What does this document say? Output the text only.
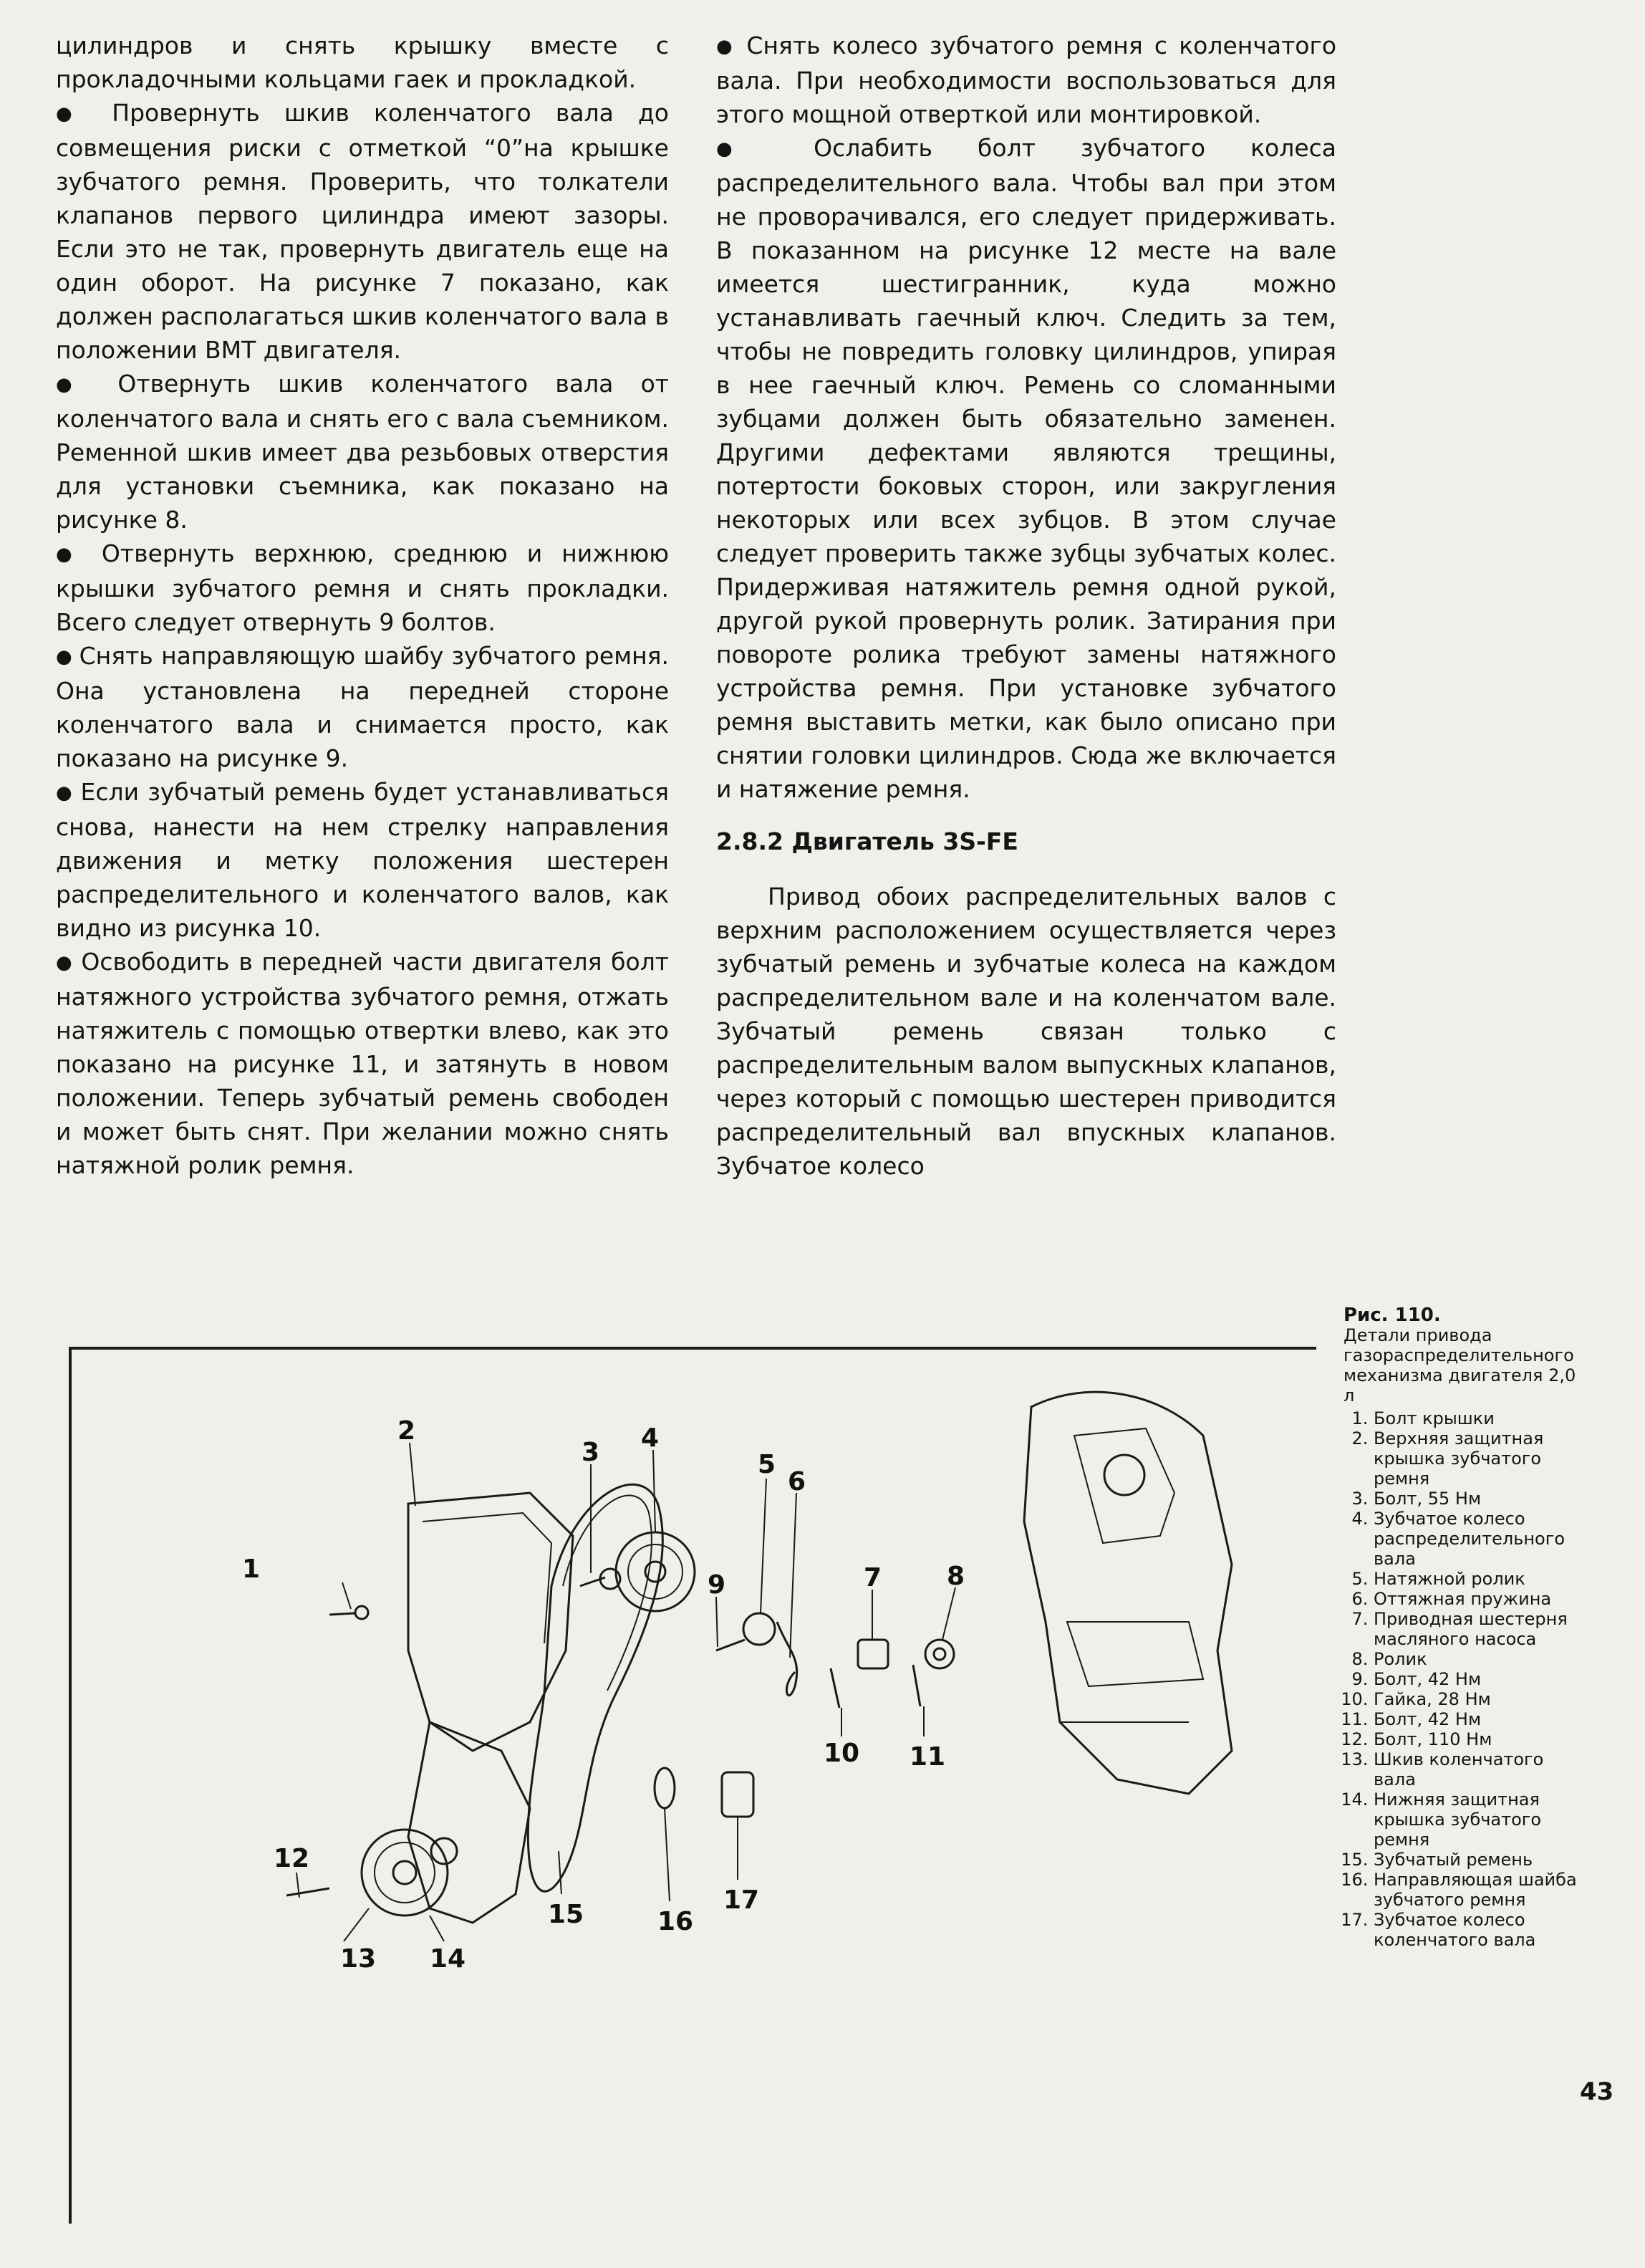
цилиндров и снять крышку вместе с прокладочными кольцами гаек и прокладкой.

● Провернуть шкив коленчатого вала до совмещения риски с отметкой “0”на крышке зубчатого ремня. Проверить, что толкатели клапанов первого цилиндра имеют зазоры. Если это не так, провернуть двигатель еще на один оборот. На рисунке 7 показано, как должен располагаться шкив коленчатого вала в положении ВМТ двигателя.

● Отвернуть шкив коленчатого вала от коленчатого вала и снять его с вала съемником. Ременной шкив имеет два резьбовых отверстия для установки съемника, как показано на рисунке 8.

● Отвернуть верхнюю, среднюю и нижнюю крышки зубчатого ремня и снять прокладки. Всего следует отвернуть 9 болтов.

● Снять направляющую шайбу зубчатого ремня. Она установлена на передней стороне коленчатого вала и снимается просто, как показано на рисунке 9.

● Если зубчатый ремень будет устанавливаться снова, нанести на нем стрелку направления движения и метку положения шестерен распределительного и коленчатого валов, как видно из рисунка 10.

● Освободить в передней части двигателя болт натяжного устройства зубчатого ремня, отжать натяжитель с помощью отвертки влево, как это показано на рисунке 11, и затянуть в новом положении. Теперь зубчатый ремень свободен и может быть снят. При желании можно снять натяжной ролик ремня.

● Снять колесо зубчатого ремня с коленчатого вала. При необходимости воспользоваться для этого мощной отверткой или монтировкой.

● Ослабить болт зубчатого колеса распределительного вала. Чтобы вал при этом не проворачивался, его следует придерживать. В показанном на рисунке 12 месте на вале имеется шестигранник, куда можно устанавливать гаечный ключ. Следить за тем, чтобы не повредить головку цилиндров, упирая в нее гаечный ключ. Ремень со сломанными зубцами должен быть обязательно заменен. Другими дефектами являются трещины, потертости боковых сторон, или закругления некоторых или всех зубцов. В этом случае следует проверить также зубцы зубчатых колес. Придерживая натяжитель ремня одной рукой, другой рукой провернуть ролик. Затирания при повороте ролика требуют замены натяжного устройства ремня. При установке зубчатого ремня выставить метки, как было описано при снятии головки цилиндров. Сюда же включается и натяжение ремня.

2.8.2 Двигатель 3S-FE

Привод обоих распределительных валов с верхним расположением осуществляется через зубчатый ремень и зубчатые колеса на каждом распределительном вале и на коленчатом вале. Зубчатый ремень связан только с распределительным валом выпускных клапанов, через который с помощью шестерен приводится распределительный вал впускных клапанов. Зубчатое колесо

1
2
3 4
5
6
7	8
9
10 11
12
13 14
15	16
17
Рис. 110.
Детали привода газораспределительного механизма двигателя 2,0 л
1. Болт крышки
2. Верхняя защитная крышка зубчатого ремня
3. Болт, 55 Нм
4. Зубчатое колесо распределительного вала
5. Натяжной ролик
6. Оттяжная пружина
7. Приводная шестерня масляного насоса
8. Ролик
9. Болт, 42 Нм
10. Гайка, 28 Нм
11. Болт, 42 Нм
12. Болт, 110 Нм
13. Шкив коленчатого вала
14. Нижняя защитная крышка зубчатого ремня
15. Зубчатый ремень
16. Направляющая шайба зубчатого ремня
17. Зубчатое колесо коленчатого вала
43
